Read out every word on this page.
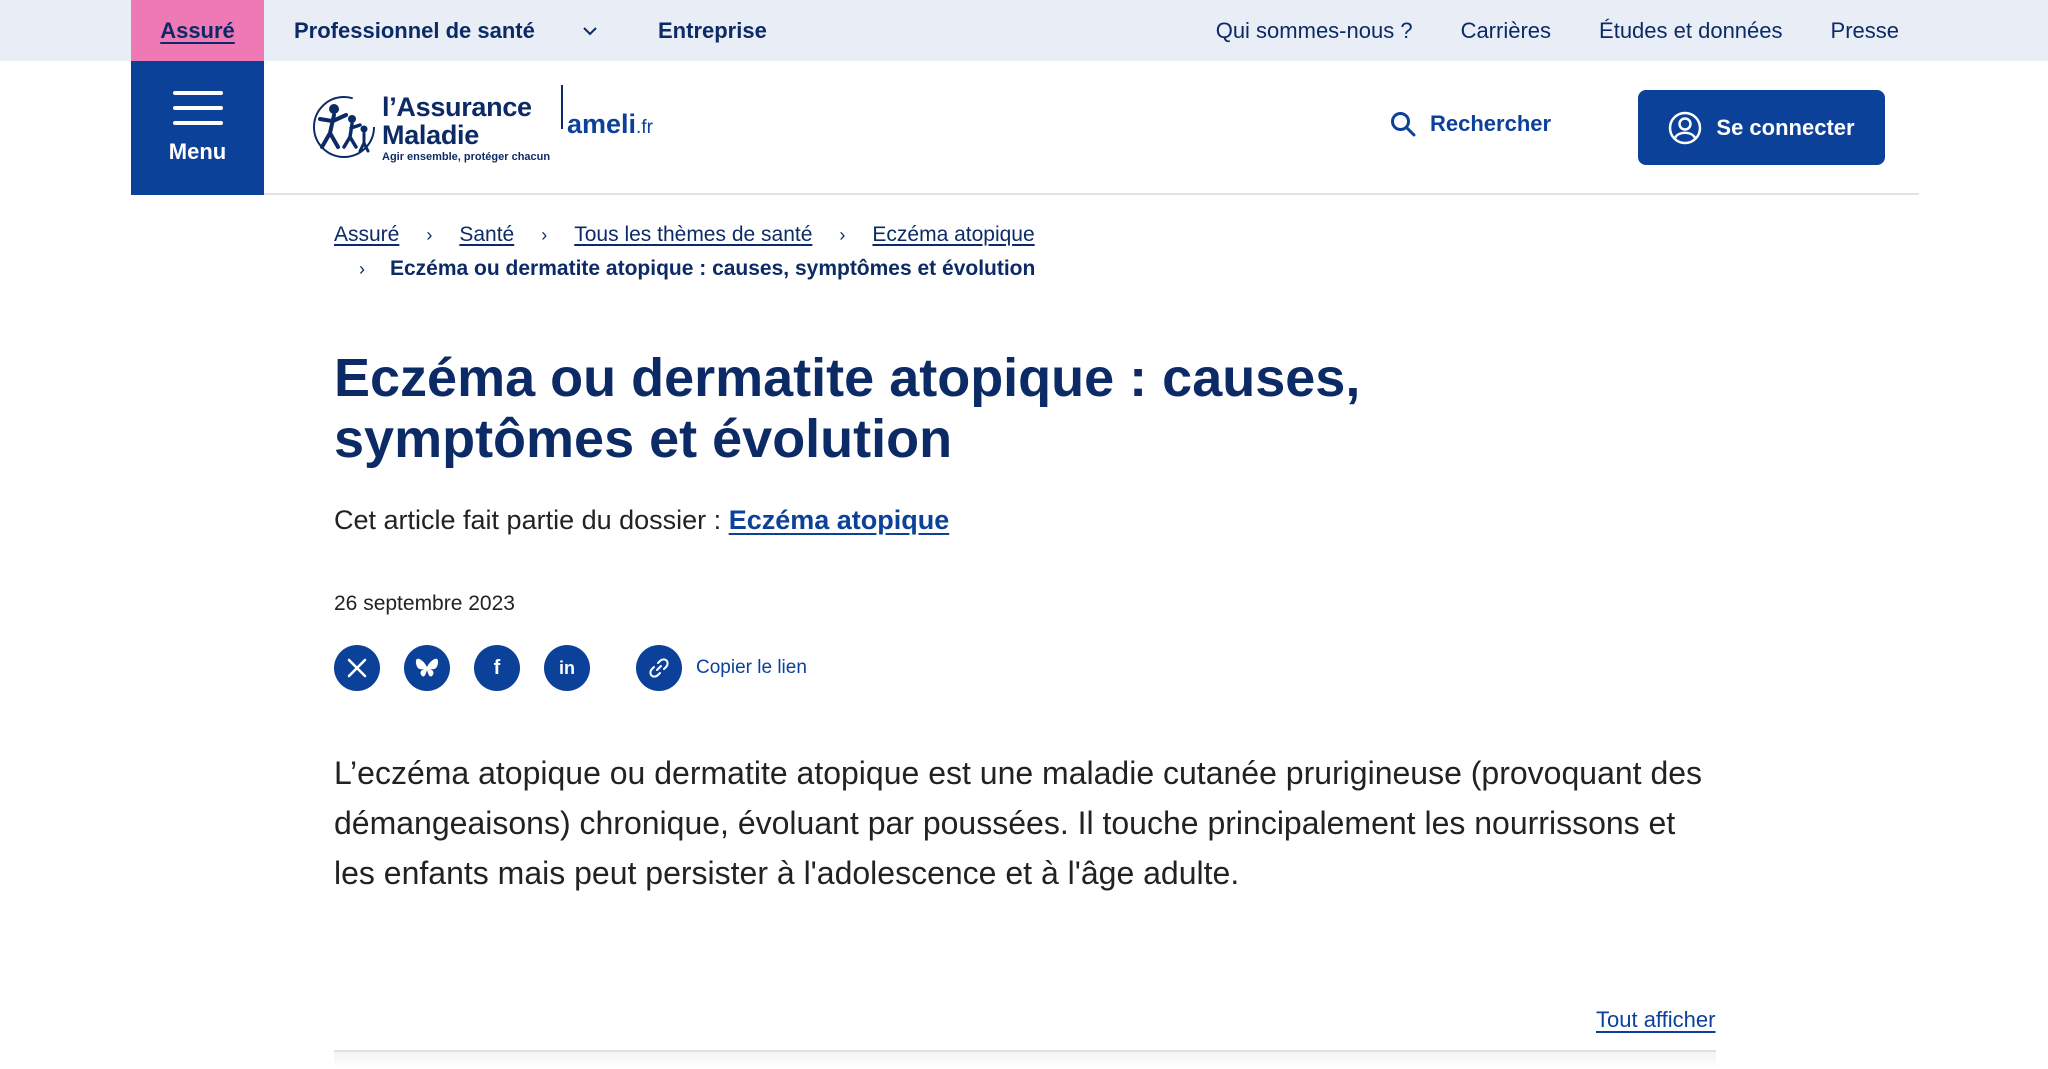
Assuré	Professionnel de santé	Entreprise	Qui sommes-nous ? Carrières Études et données Presse
Menu
l’Assurance
Maladie
Agir ensemble, protéger chacun
ameli .fr	Rechercher	Se connecter
Assuré	›	Santé	›	Tous les thèmes de santé	›	Eczéma atopique
›	Eczéma ou dermatite atopique : causes, symptômes et évolution
Eczéma ou dermatite atopique : causes, symptômes et évolution
Cet article fait partie du dossier : Eczéma atopique
26 septembre 2023
f	in	Copier le lien

L’eczéma atopique ou dermatite atopique est une maladie cutanée prurigineuse (provoquant des démangeaisons) chronique, évoluant par poussées. Il touche principalement les nourrissons et les enfants mais peut persister à l'adolescence et à l'âge adulte.

Tout afficher
